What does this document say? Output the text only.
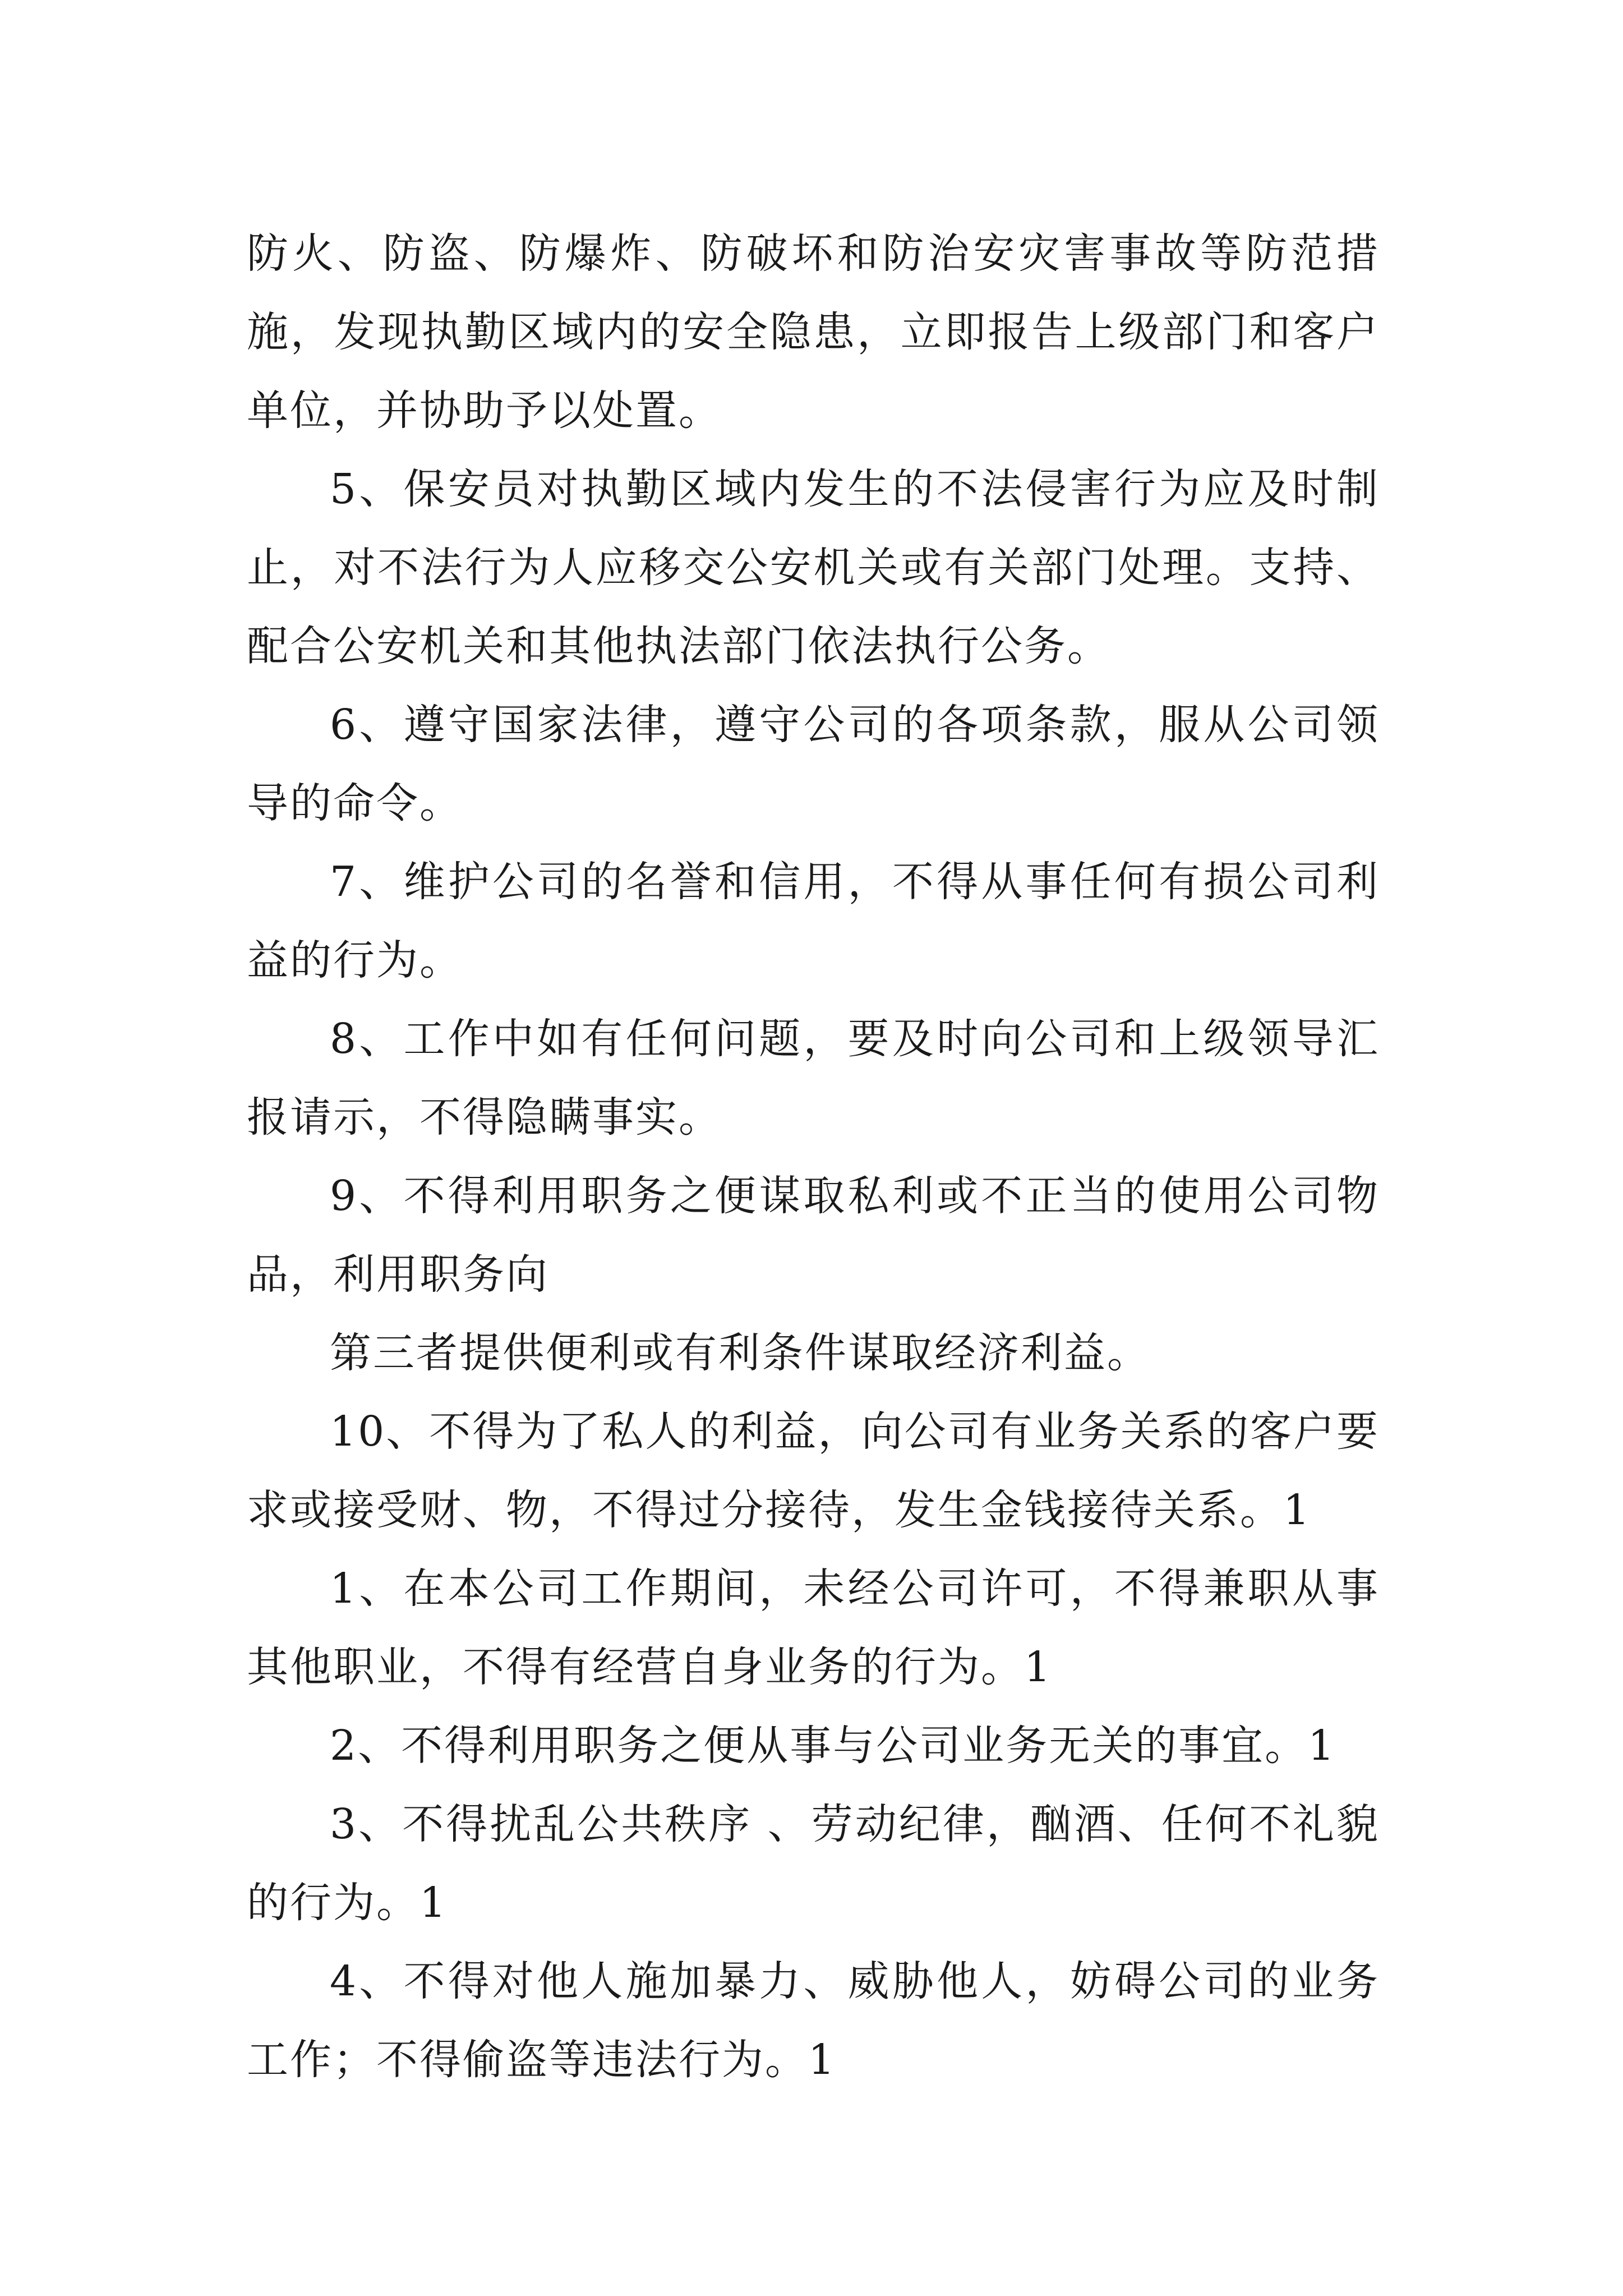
防火、防盗、防爆炸、防破坏和防治安灾害事故等防范措施，发现执勤区域内的安全隐患，立即报告上级部门和客户单位，并协助予以处置。

5、保安员对执勤区域内发生的不法侵害行为应及时制止，对不法行为人应移交公安机关或有关部门处理。支持、配合公安机关和其他执法部门依法执行公务。

6、遵守国家法律，遵守公司的各项条款，服从公司领导的命令。

7、维护公司的名誉和信用，不得从事任何有损公司利益的行为。

8、工作中如有任何问题，要及时向公司和上级领导汇报请示，不得隐瞒事实。

9、不得利用职务之便谋取私利或不正当的使用公司物品，利用职务向

第三者提供便利或有利条件谋取经济利益。

10、不得为了私人的利益，向公司有业务关系的客户要求或接受财、物，不得过分接待，发生金钱接待关系。1

1、在本公司工作期间，未经公司许可，不得兼职从事其他职业，不得有经营自身业务的行为。1

2、不得利用职务之便从事与公司业务无关的事宜。1

3、不得扰乱公共秩序 、劳动纪律，酗酒、任何不礼貌的行为。1

4、不得对他人施加暴力、威胁他人，妨碍公司的业务工作；不得偷盗等违法行为。1
